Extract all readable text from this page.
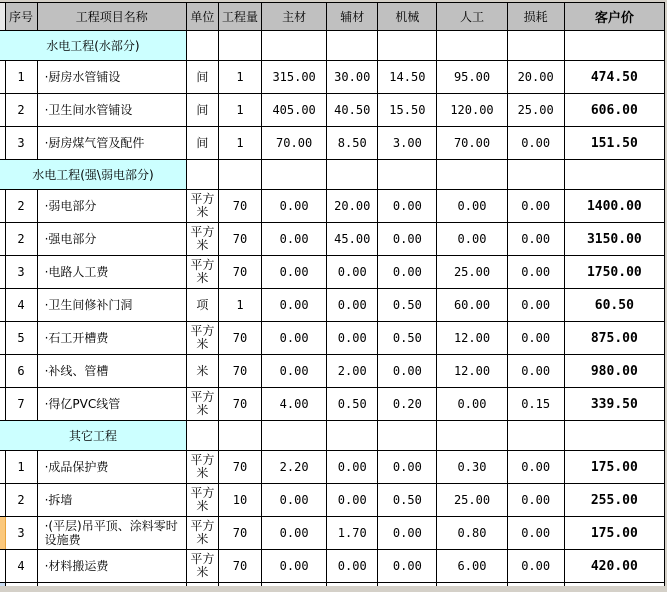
	序号	工程项目名称	单位	工程量	主材	辅材	机械	人工	损耗	客户价
水电工程(水部分)										
	1	·厨房水管铺设	间	1	315.00	30.00	14.50	95.00	20.00	474.50
	2	·卫生间水管铺设	间	1	405.00	40.50	15.50	120.00	25.00	606.00
	3	·厨房煤气管及配件	间	1	70.00	8.50	3.00	70.00	0.00	151.50
水电工程(强\弱电部分)										
	2	·弱电部分	平方米	70	0.00	20.00	0.00	0.00	0.00	1400.00
	2	·强电部分	平方米	70	0.00	45.00	0.00	0.00	0.00	3150.00
	3	·电路人工费	平方米	70	0.00	0.00	0.00	25.00	0.00	1750.00
	4	·卫生间修补门洞	项	1	0.00	0.00	0.50	60.00	0.00	60.50
	5	·石工开槽费	平方米	70	0.00	0.00	0.50	12.00	0.00	875.00
	6	·补线、管槽	米	70	0.00	2.00	0.00	12.00	0.00	980.00
	7	·得亿PVC线管	平方米	70	4.00	0.50	0.20	0.00	0.15	339.50
其它工程										
	1	·成品保护费	平方米	70	2.20	0.00	0.00	0.30	0.00	175.00
	2	·拆墙	平方米	10	0.00	0.00	0.50	25.00	0.00	255.00
	3	·(平层)吊平顶、涂料零时设施费	平方米	70	0.00	1.70	0.00	0.80	0.00	175.00
	4	·材料搬运费	平方米	70	0.00	0.00	0.00	6.00	0.00	420.00
